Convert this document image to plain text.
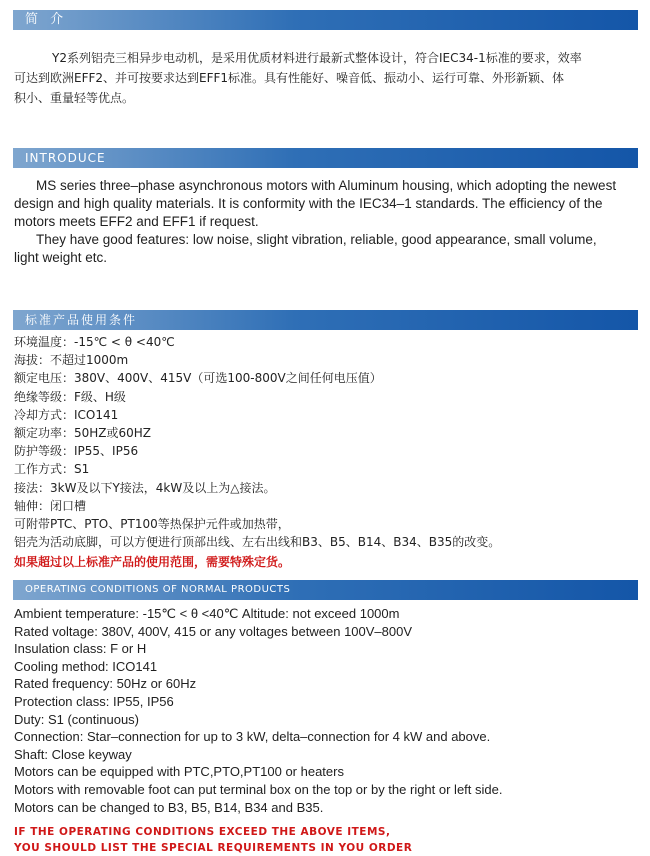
简 介
Y2系列铝壳三相异步电动机，是采用优质材料进行最新式整体设计，符合IEC34-1标准的要求，效率
可达到欧洲EFF2、并可按要求达到EFF1标准。具有性能好、噪音低、振动小、运行可靠、外形新颖、体
积小、重量轻等优点。
INTRODUCE
MS series three–phase asynchronous motors with Aluminum housing, which adopting the newest
design and high quality materials. It is conformity with the IEC34–1 standards. The efficiency of the
motors meets EFF2 and EFF1 if request.
They have good features: low noise, slight vibration, reliable, good appearance, small volume,
light weight etc.
标准产品使用条件
环境温度：-15℃ < θ <40℃
海拔：不超过1000m
额定电压：380V、400V、415V（可选100-800V之间任何电压值）
绝缘等级：F级、H级
冷却方式：ICO141
额定功率：50HZ或60HZ
防护等级：IP55、IP56
工作方式：S1
接法：3kW及以下Y接法，4kW及以上为△接法。
轴伸：闭口槽
可附带PTC、PTO、PT100等热保护元件或加热带，
铝壳为活动底脚，可以方便进行顶部出线、左右出线和B3、B5、B14、B34、B35的改变。
如果超过以上标准产品的使用范围，需要特殊定货。
OPERATING CONDITIONS OF NORMAL PRODUCTS
Ambient temperature: -15℃ < θ <40℃ Altitude: not exceed 1000m
Rated voltage: 380V, 400V, 415 or any voltages between 100V–800V
Insulation class: F or H
Cooling method: ICO141
Rated frequency: 50Hz or 60Hz
Protection class: IP55, IP56
Duty: S1 (continuous)
Connection: Star–connection for up to 3 kW, delta–connection for 4 kW and above.
Shaft: Close keyway
Motors can be equipped with PTC,PTO,PT100 or heaters
Motors with removable foot can put terminal box on the top or by the right or left side.
Motors can be changed to B3, B5, B14, B34 and B35.
IF THE OPERATING CONDITIONS EXCEED THE ABOVE ITEMS,
YOU SHOULD LIST THE SPECIAL REQUIREMENTS IN YOU ORDER
